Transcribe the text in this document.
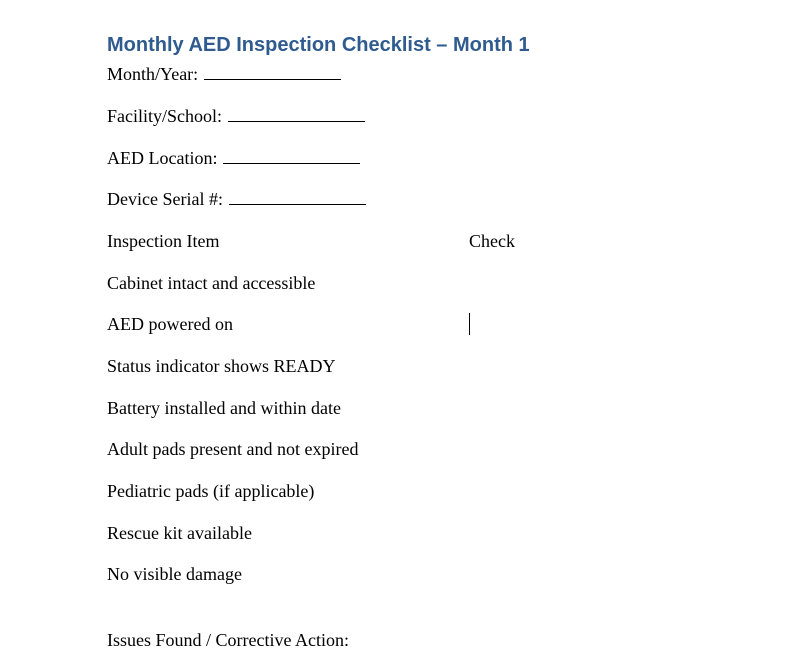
Monthly AED Inspection Checklist – Month 1
Month/Year:
Facility/School:
AED Location:
Device Serial #:
Inspection Item	Check
Cabinet intact and accessible
AED powered on
Status indicator shows READY
Battery installed and within date
Adult pads present and not expired
Pediatric pads (if applicable)
Rescue kit available
No visible damage
Issues Found / Corrective Action:
